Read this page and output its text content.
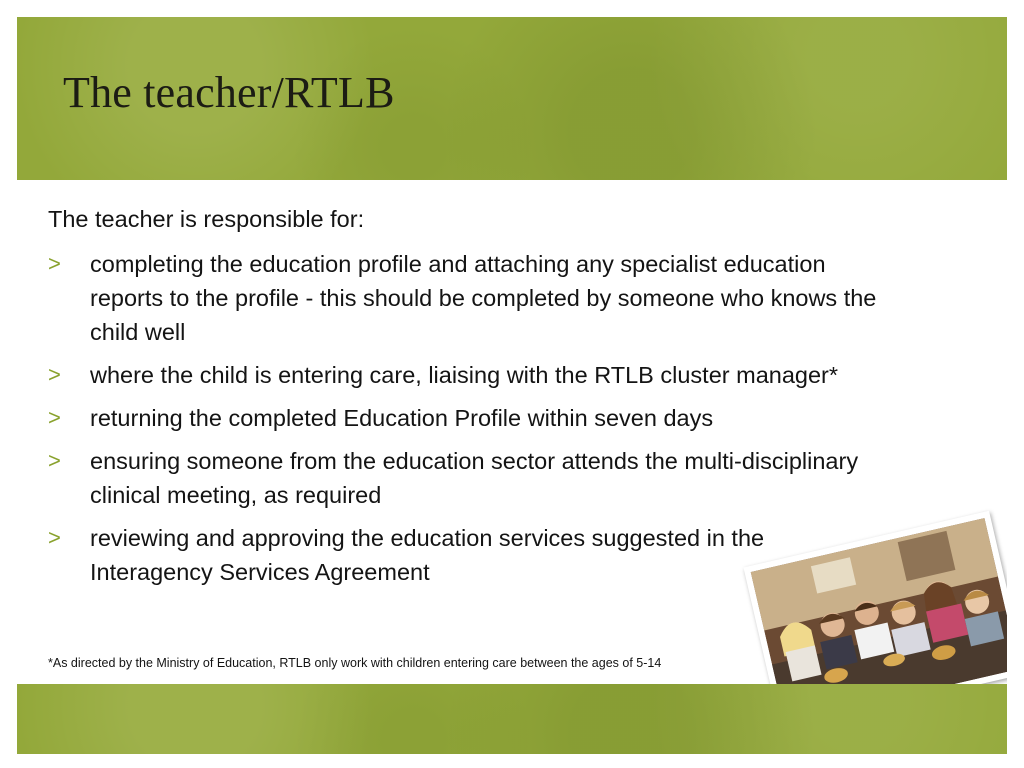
The teacher/RTLB

The teacher is responsible for:

> completing the education profile and attaching any specialist education reports to the profile - this should be completed by someone who knows the child well
> where the child is entering care, liaising with the RTLB cluster manager*
> returning the completed Education Profile within seven days
> ensuring someone from the education sector attends the multi-disciplinary clinical meeting, as required
> reviewing and approving the education services suggested in the Interagency Services Agreement
*As directed by the Ministry of Education, RTLB only work with children entering care between the ages of 5-14
